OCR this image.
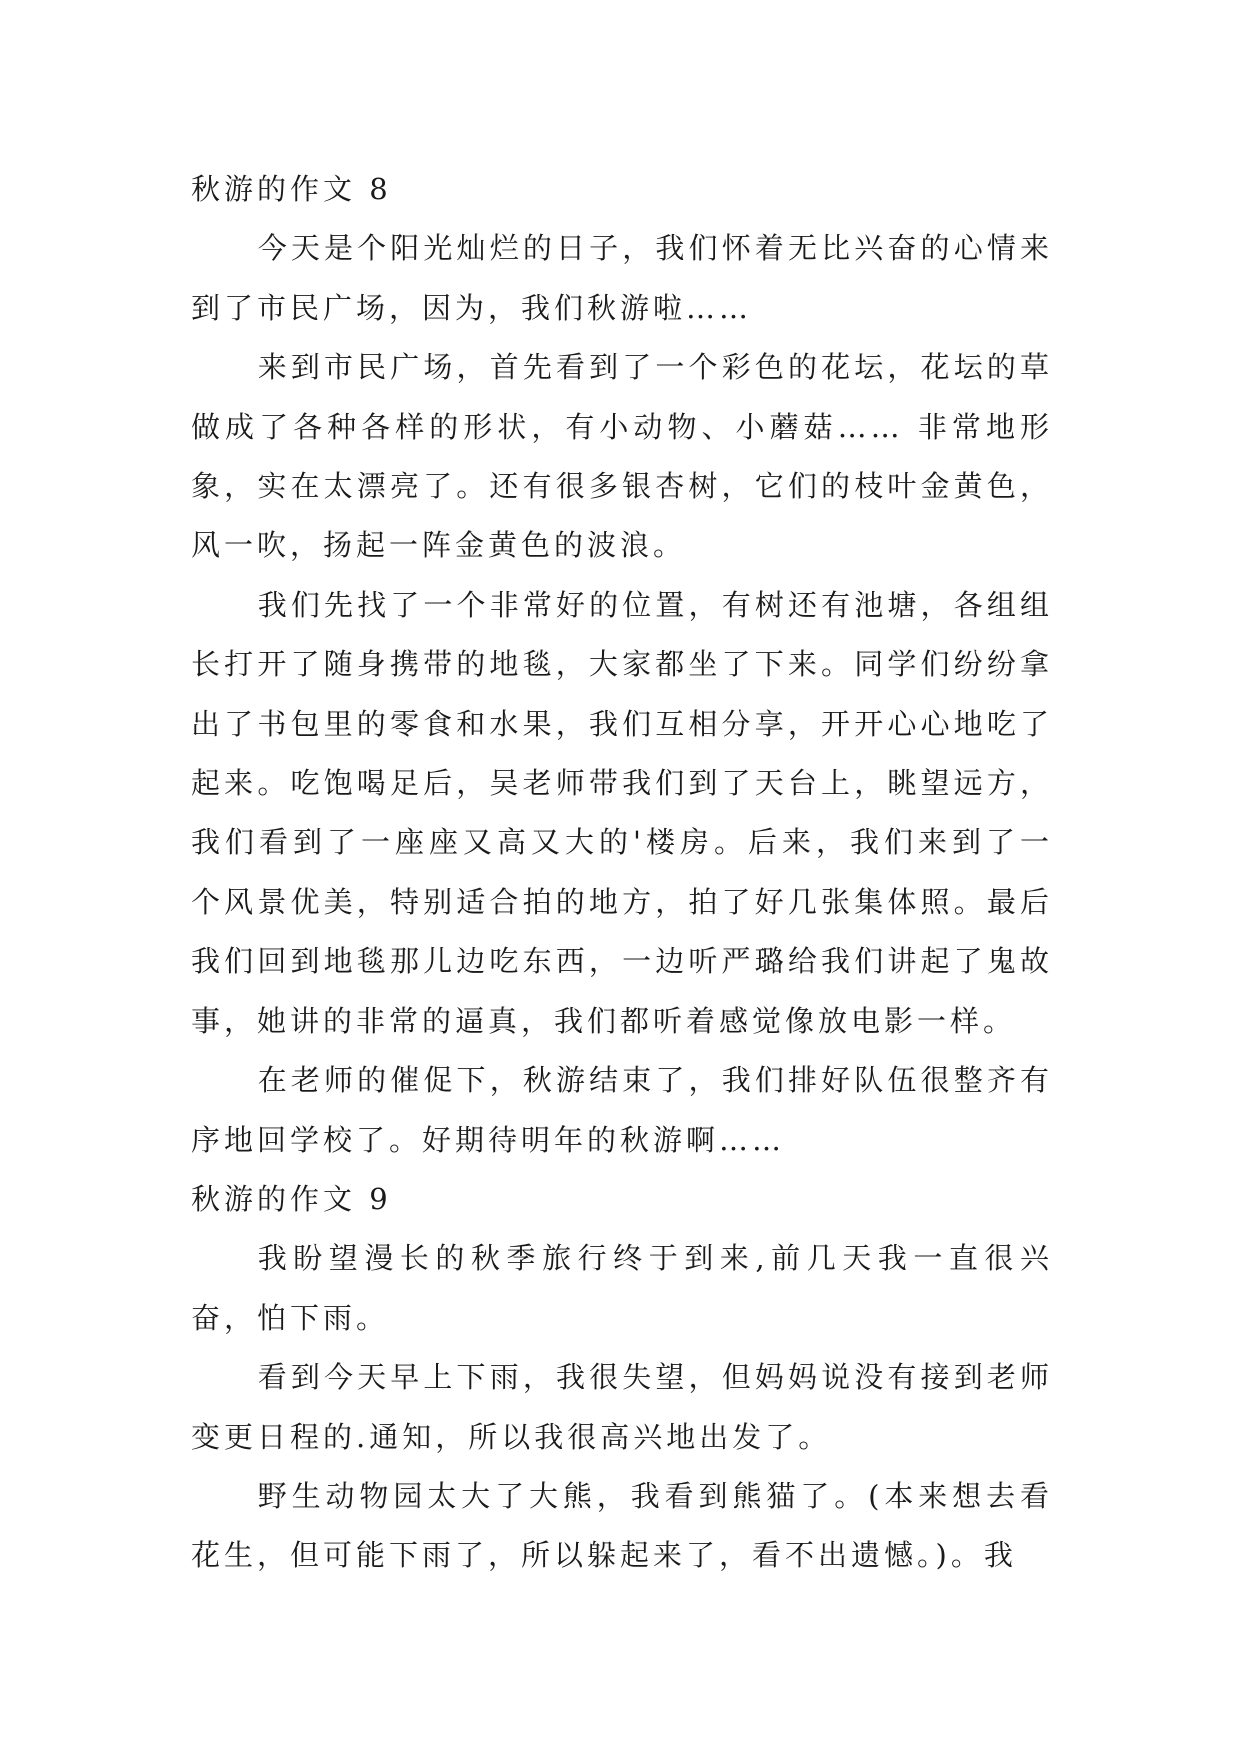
秋游的作文 8

今天是个阳光灿烂的日子，我们怀着无比兴奋的心情来到了市民广场，因为，我们秋游啦……

来到市民广场，首先看到了一个彩色的花坛，花坛的草做成了各种各样的形状，有小动物、小蘑菇…… 非常地形象，实在太漂亮了。还有很多银杏树，它们的枝叶金黄色，风一吹，扬起一阵金黄色的波浪。

我们先找了一个非常好的位置，有树还有池塘，各组组长打开了随身携带的地毯，大家都坐了下来。同学们纷纷拿出了书包里的零食和水果，我们互相分享，开开心心地吃了起来。吃饱喝足后，吴老师带我们到了天台上，眺望远方，我们看到了一座座又高又大的'楼房。后来，我们来到了一个风景优美，特别适合拍的地方，拍了好几张集体照。最后我们回到地毯那儿边吃东西，一边听严璐给我们讲起了鬼故事，她讲的非常的逼真，我们都听着感觉像放电影一样。

在老师的催促下，秋游结束了，我们排好队伍很整齐有序地回学校了。好期待明年的秋游啊……

秋游的作文 9

我盼望漫长的秋季旅行终于到来,前几天我一直很兴奋，怕下雨。

看到今天早上下雨，我很失望，但妈妈说没有接到老师变更日程的.通知，所以我很高兴地出发了。

野生动物园太大了大熊，我看到熊猫了。(本来想去看花生，但可能下雨了，所以躲起来了，看不出遗憾。)。我
